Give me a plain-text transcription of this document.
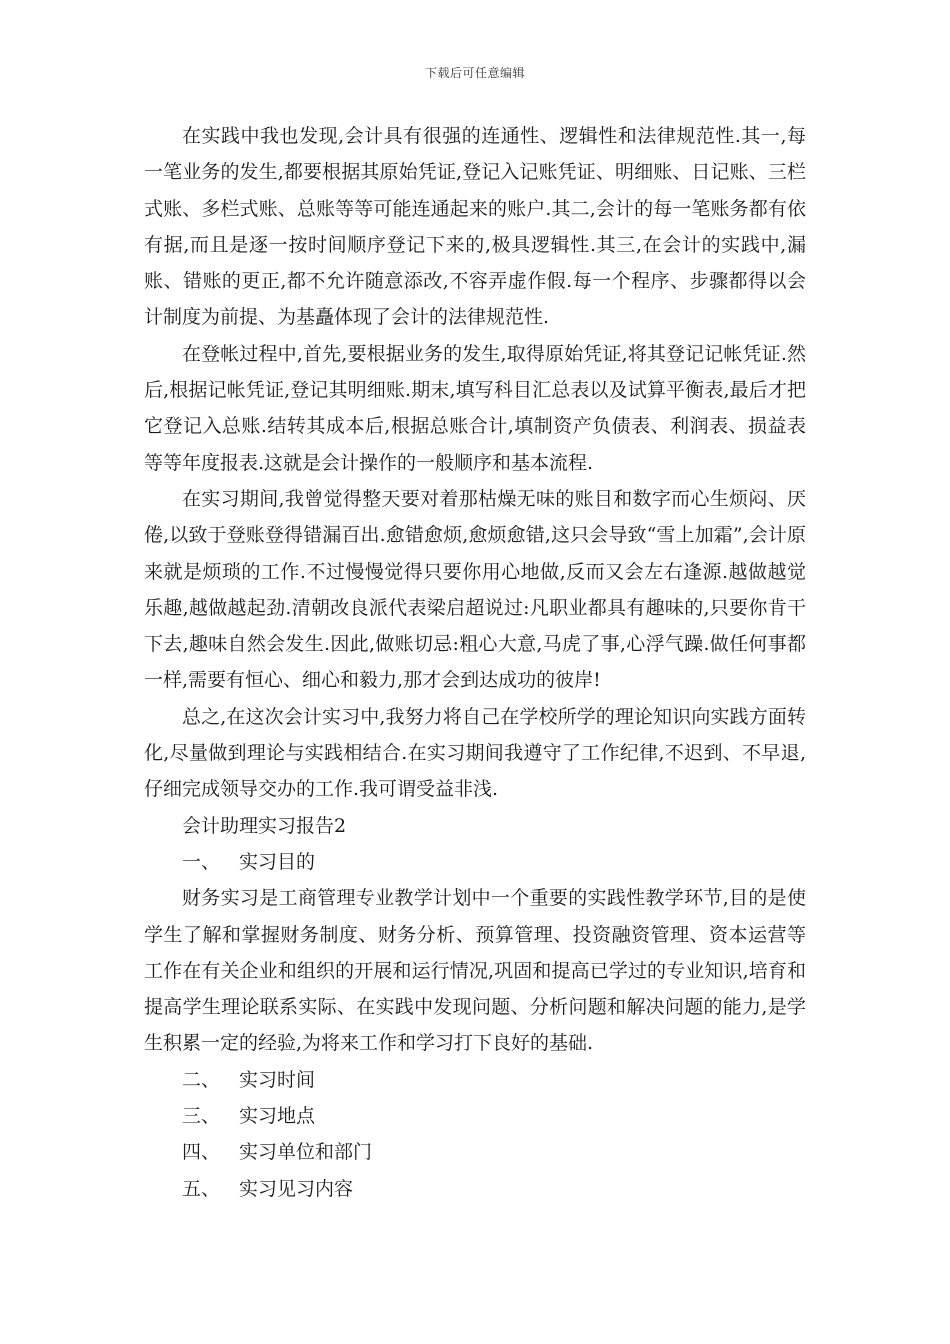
下载后可任意编辑

在实践中我也发现,会计具有很强的连通性、逻辑性和法律规范性.其一,每一笔业务的发生,都要根据其原始凭证,登记入记账凭证、明细账、日记账、三栏式账、多栏式账、总账等等可能连通起来的账户.其二,会计的每一笔账务都有依有据,而且是逐一按时间顺序登记下来的,极具逻辑性.其三,在会计的实践中,漏账、错账的更正,都不允许随意添改,不容弄虚作假.每一个程序、步骤都得以会计制度为前提、为基矗体现了会计的法律规范性.

在登帐过程中,首先,要根据业务的发生,取得原始凭证,将其登记记帐凭证.然后,根据记帐凭证,登记其明细账.期末,填写科目汇总表以及试算平衡表,最后才把它登记入总账.结转其成本后,根据总账合计,填制资产负债表、利润表、损益表等等年度报表.这就是会计操作的一般顺序和基本流程.

在实习期间,我曾觉得整天要对着那枯燥无味的账目和数字而心生烦闷、厌倦,以致于登账登得错漏百出.愈错愈烦,愈烦愈错,这只会导致“雪上加霜”,会计原来就是烦琐的工作.不过慢慢觉得只要你用心地做,反而又会左右逢源.越做越觉乐趣,越做越起劲.清朝改良派代表梁启超说过:凡职业都具有趣味的,只要你肯干下去,趣味自然会发生.因此,做账切忌:粗心大意,马虎了事,心浮气躁.做任何事都一样,需要有恒心、细心和毅力,那才会到达成功的彼岸!

总之,在这次会计实习中,我努力将自己在学校所学的理论知识向实践方面转化,尽量做到理论与实践相结合.在实习期间我遵守了工作纪律,不迟到、不早退,仔细完成领导交办的工作.我可谓受益非浅.

会计助理实习报告2

一、 实习目的

财务实习是工商管理专业教学计划中一个重要的实践性教学环节,目的是使学生了解和掌握财务制度、财务分析、预算管理、投资融资管理、资本运营等工作在有关企业和组织的开展和运行情况,巩固和提高已学过的专业知识,培育和提高学生理论联系实际、在实践中发现问题、分析问题和解决问题的能力,是学生积累一定的经验,为将来工作和学习打下良好的基础.

二、 实习时间

三、 实习地点

四、 实习单位和部门

五、 实习见习内容
